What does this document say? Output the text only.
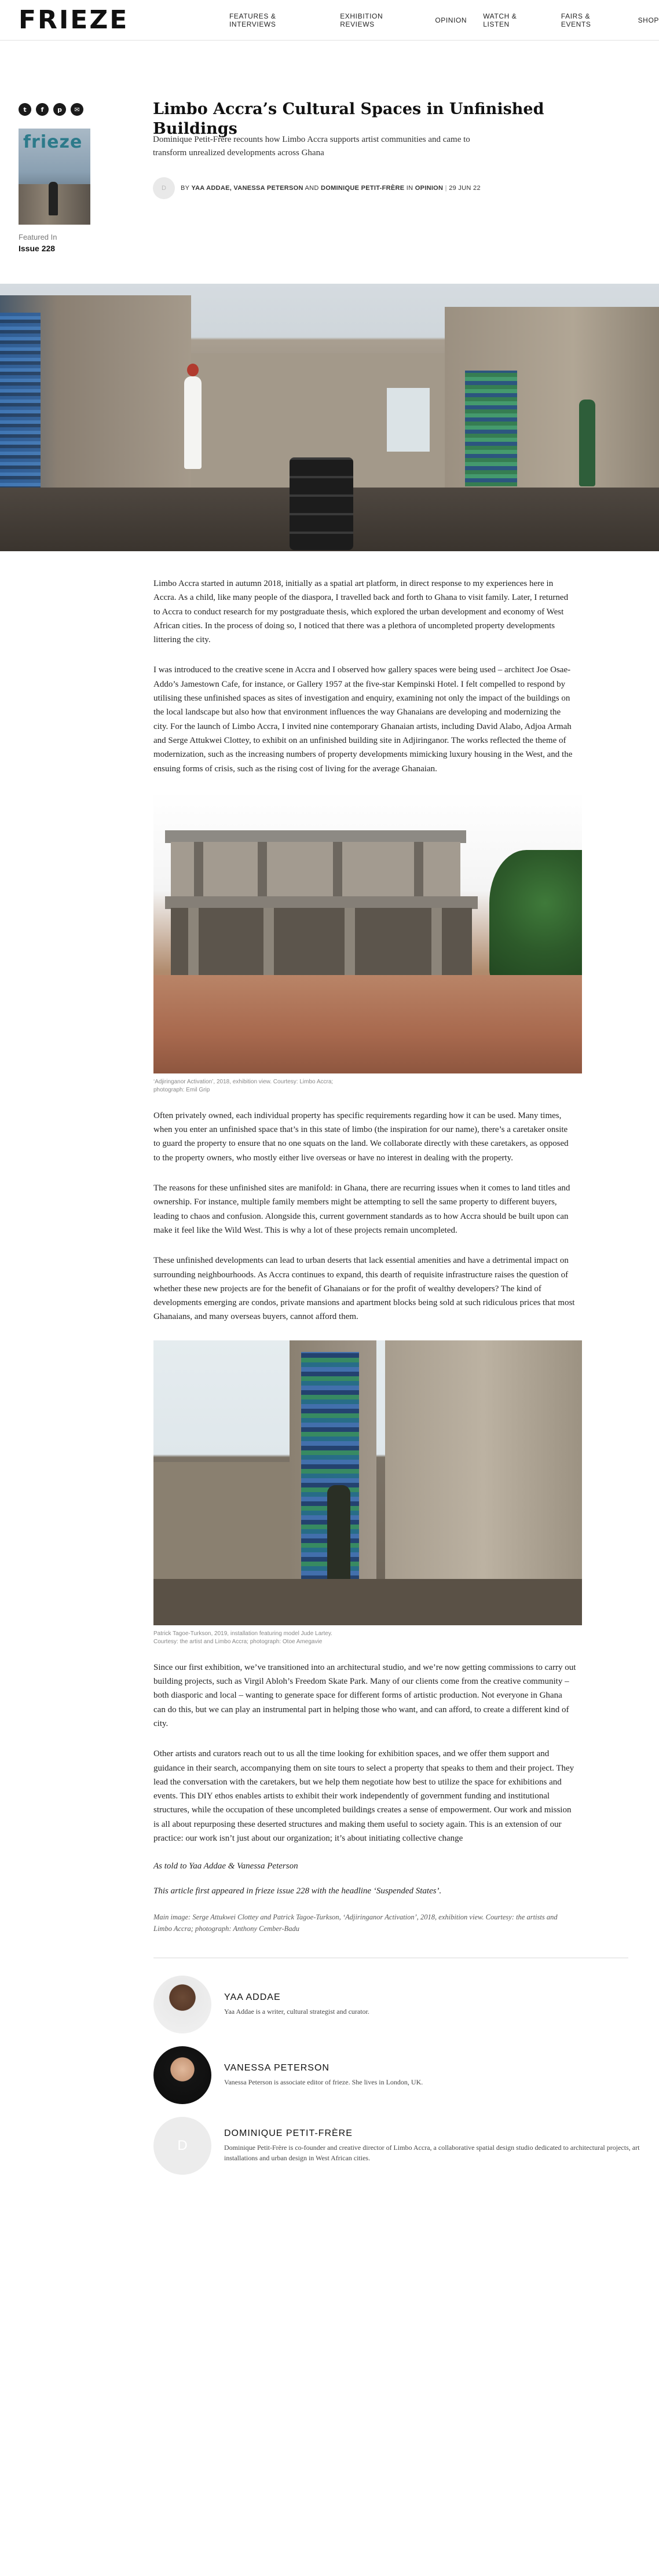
FRIEZE	FEATURES & INTERVIEWS
EXHIBITION REVIEWS	OPINION WATCH & LISTEN
FAIRS & EVENTS	SHOP
t	f	p	✉
frieze
Featured In
Issue 228
Limbo Accra’s Cultural Spaces in Unfinished Buildings

Dominique Petit-Frère recounts how Limbo Accra supports artist communities and came to transform unrealized developments across Ghana

D	BY YAA ADDAE, VANESSA PETERSON AND DOMINIQUE PETIT-FRÈRE IN OPINION | 29 JUN 22

Limbo Accra started in autumn 2018, initially as a spatial art platform, in direct response to my experiences here in Accra. As a child, like many people of the diaspora, I travelled back and forth to Ghana to visit family. Later, I returned to Accra to conduct research for my postgraduate thesis, which explored the urban development and economy of West African cities. In the process of doing so, I noticed that there was a plethora of uncompleted property developments littering the city.

I was introduced to the creative scene in Accra and I observed how gallery spaces were being used – architect Joe Osae-Addo’s Jamestown Cafe, for instance, or Gallery 1957 at the five-star Kempinski Hotel. I felt compelled to respond by utilising these unfinished spaces as sites of investigation and enquiry, examining not only the impact of the buildings on the local landscape but also how that environment influences the way Ghanaians are developing and modernizing the city. For the launch of Limbo Accra, I invited nine contemporary Ghanaian artists, including David Alabo, Adjoa Armah and Serge Attukwei Clottey, to exhibit on an unfinished building site in Adjiringanor. The works reflected the theme of modernization, such as the increasing numbers of property developments mimicking luxury housing in the West, and the ensuing forms of crisis, such as the rising cost of living for the average Ghanaian.

‘Adjiringanor Activation’, 2018, exhibition view. Courtesy: Limbo Accra; photograph: Emil Grip

Often privately owned, each individual property has specific requirements regarding how it can be used. Many times, when you enter an unfinished space that’s in this state of limbo (the inspiration for our name), there’s a caretaker onsite to guard the property to ensure that no one squats on the land. We collaborate directly with these caretakers, as opposed to the property owners, who mostly either live overseas or have no interest in dealing with the property.

The reasons for these unfinished sites are manifold: in Ghana, there are recurring issues when it comes to land titles and ownership. For instance, multiple family members might be attempting to sell the same property to different buyers, leading to chaos and confusion. Alongside this, current government standards as to how Accra should be built upon can make it feel like the Wild West. This is why a lot of these projects remain uncompleted.

These unfinished developments can lead to urban deserts that lack essential amenities and have a detrimental impact on surrounding neighbourhoods. As Accra continues to expand, this dearth of requisite infrastructure raises the question of whether these new projects are for the benefit of Ghanaians or for the profit of wealthy developers? The kind of developments emerging are condos, private mansions and apartment blocks being sold at such ridiculous prices that most Ghanaians, and many overseas buyers, cannot afford them.

Patrick Tagoe-Turkson, 2019, installation featuring model Jude Lartey. Courtesy: the artist and Limbo Accra; photograph: Otoe Amegavie

Since our first exhibition, we’ve transitioned into an architectural studio, and we’re now getting commissions to carry out building projects, such as Virgil Abloh’s Freedom Skate Park. Many of our clients come from the creative community – both diasporic and local – wanting to generate space for different forms of artistic production. Not everyone in Ghana can do this, but we can play an instrumental part in helping those who want, and can afford, to create a different kind of city.

Other artists and curators reach out to us all the time looking for exhibition spaces, and we offer them support and guidance in their search, accompanying them on site tours to select a property that speaks to them and their project. They lead the conversation with the caretakers, but we help them negotiate how best to utilize the space for exhibitions and events. This DIY ethos enables artists to exhibit their work independently of government funding and institutional structures, while the occupation of these uncompleted buildings creates a sense of empowerment. Our work and mission is all about repurposing these deserted structures and making them useful to society again. This is an extension of our practice: our work isn’t just about our organization; it’s about initiating collective change

As told to Yaa Addae & Vanessa Peterson

This article first appeared in frieze issue 228 with the headline ‘Suspended States’.

Main image: Serge Attukwei Clottey and Patrick Tagoe-Turkson, ‘Adjiringanor Activation’, 2018, exhibition view. Courtesy: the artists and Limbo Accra; photograph: Anthony Cember-Badu

YAA ADDAE
Yaa Addae is a writer, cultural strategist and curator.
VANESSA PETERSON
Vanessa Peterson is associate editor of frieze. She lives in London, UK.
D
DOMINIQUE PETIT-FRÈRE
Dominique Petit-Frère is co-founder and creative director of Limbo Accra, a collaborative spatial design studio dedicated to architectural projects, art installations and urban design in West African cities.
